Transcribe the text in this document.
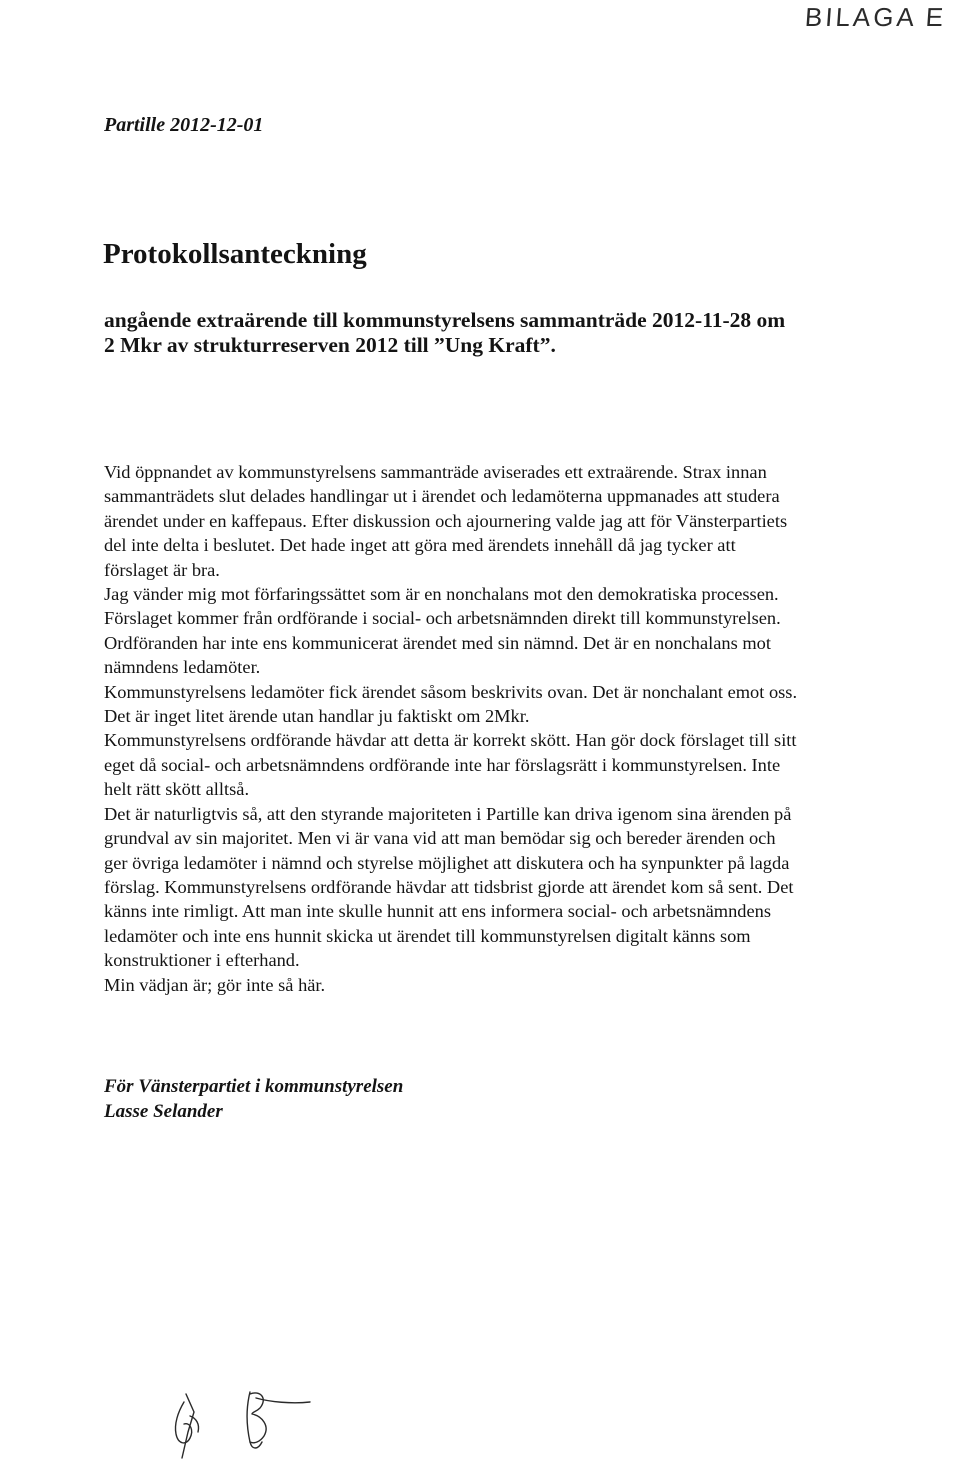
BILAGA E
Partille 2012-12-01
Protokollsanteckning
angående extraärende till kommunstyrelsens sammanträde 2012-11-28 om
2 Mkr av strukturreserven 2012 till ”Ung Kraft”.
Vid öppnandet av kommunstyrelsens sammanträde aviserades ett extraärende. Strax innan
sammanträdets slut delades handlingar ut i ärendet och ledamöterna uppmanades att studera
ärendet under en kaffepaus. Efter diskussion och ajournering valde jag att för Vänsterpartiets
del inte delta i beslutet. Det hade inget att göra med ärendets innehåll då jag tycker att
förslaget är bra.
Jag vänder mig mot förfaringssättet som är en nonchalans mot den demokratiska processen.
Förslaget kommer från ordförande i social- och arbetsnämnden direkt till kommunstyrelsen.
Ordföranden har inte ens kommunicerat ärendet med sin nämnd. Det är en nonchalans mot
nämndens ledamöter.
Kommunstyrelsens ledamöter fick ärendet såsom beskrivits ovan. Det är nonchalant emot oss.
Det är inget litet ärende utan handlar ju faktiskt om 2Mkr.
Kommunstyrelsens ordförande hävdar att detta är korrekt skött. Han gör dock förslaget till sitt
eget då social- och arbetsnämndens ordförande inte har förslagsrätt i kommunstyrelsen. Inte
helt rätt skött alltså.
Det är naturligtvis så, att den styrande majoriteten i Partille kan driva igenom sina ärenden på
grundval av sin majoritet. Men vi är vana vid att man bemödar sig och bereder ärenden och
ger övriga ledamöter i nämnd och styrelse möjlighet att diskutera och ha synpunkter på lagda
förslag. Kommunstyrelsens ordförande hävdar att tidsbrist gjorde att ärendet kom så sent. Det
känns inte rimligt. Att man inte skulle hunnit att ens informera social- och arbetsnämndens
ledamöter och inte ens hunnit skicka ut ärendet till kommunstyrelsen digitalt känns som
konstruktioner i efterhand.
Min vädjan är; gör inte så här.
För Vänsterpartiet i kommunstyrelsen
Lasse Selander
